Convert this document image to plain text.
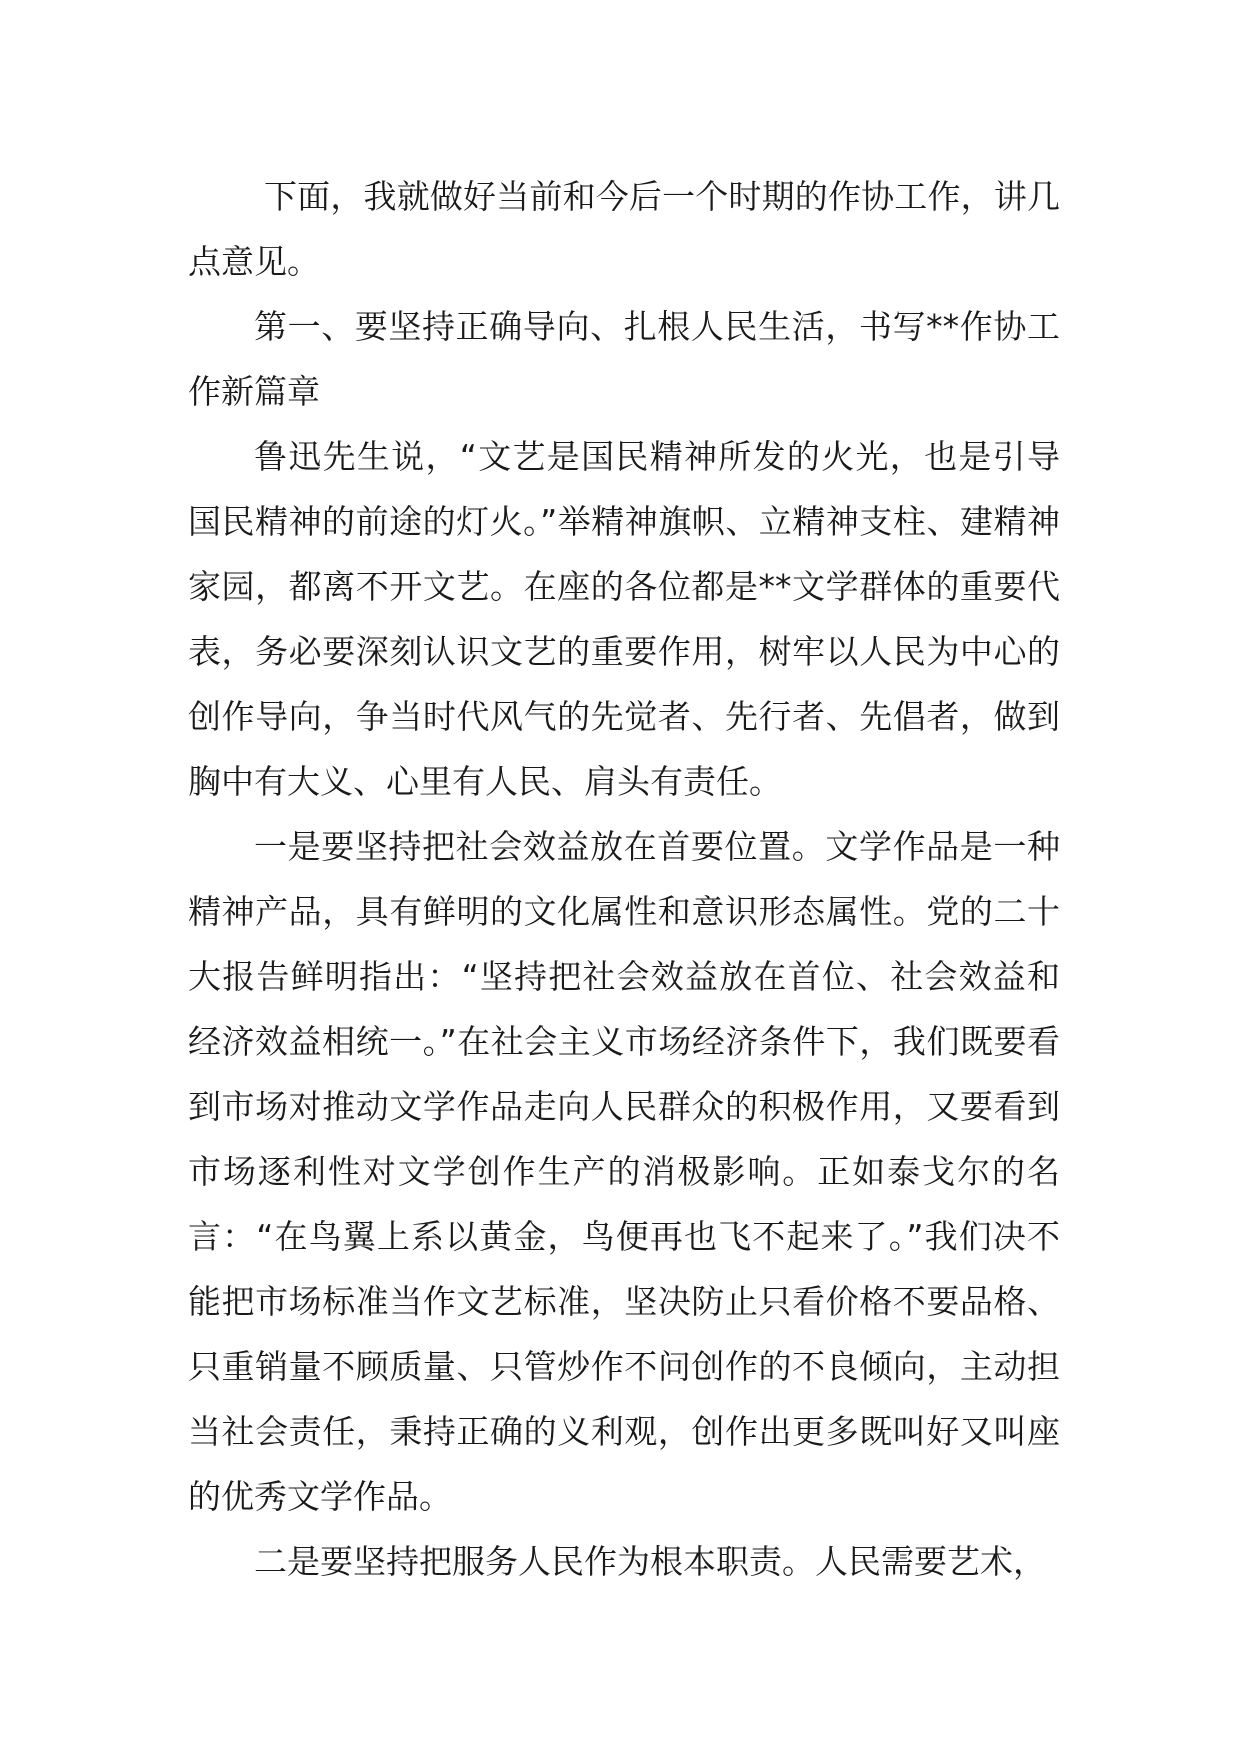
下面，我就做好当前和今后一个时期的作协工作，讲几点意见。

第一、要坚持正确导向、扎根人民生活，书写**作协工作新篇章

鲁迅先生说，“文艺是国民精神所发的火光，也是引导国民精神的前途的灯火。”举精神旗帜、立精神支柱、建精神家园，都离不开文艺。在座的各位都是**文学群体的重要代表，务必要深刻认识文艺的重要作用，树牢以人民为中心的创作导向，争当时代风气的先觉者、先行者、先倡者，做到胸中有大义、心里有人民、肩头有责任。

一是要坚持把社会效益放在首要位置。文学作品是一种精神产品，具有鲜明的文化属性和意识形态属性。党的二十大报告鲜明指出：“坚持把社会效益放在首位、社会效益和经济效益相统一。”在社会主义市场经济条件下，我们既要看到市场对推动文学作品走向人民群众的积极作用，又要看到市场逐利性对文学创作生产的消极影响。正如泰戈尔的名言：“在鸟翼上系以黄金，鸟便再也飞不起来了。”我们决不能把市场标准当作文艺标准，坚决防止只看价格不要品格、只重销量不顾质量、只管炒作不问创作的不良倾向，主动担当社会责任，秉持正确的义利观，创作出更多既叫好又叫座的优秀文学作品。

二是要坚持把服务人民作为根本职责。人民需要艺术，
